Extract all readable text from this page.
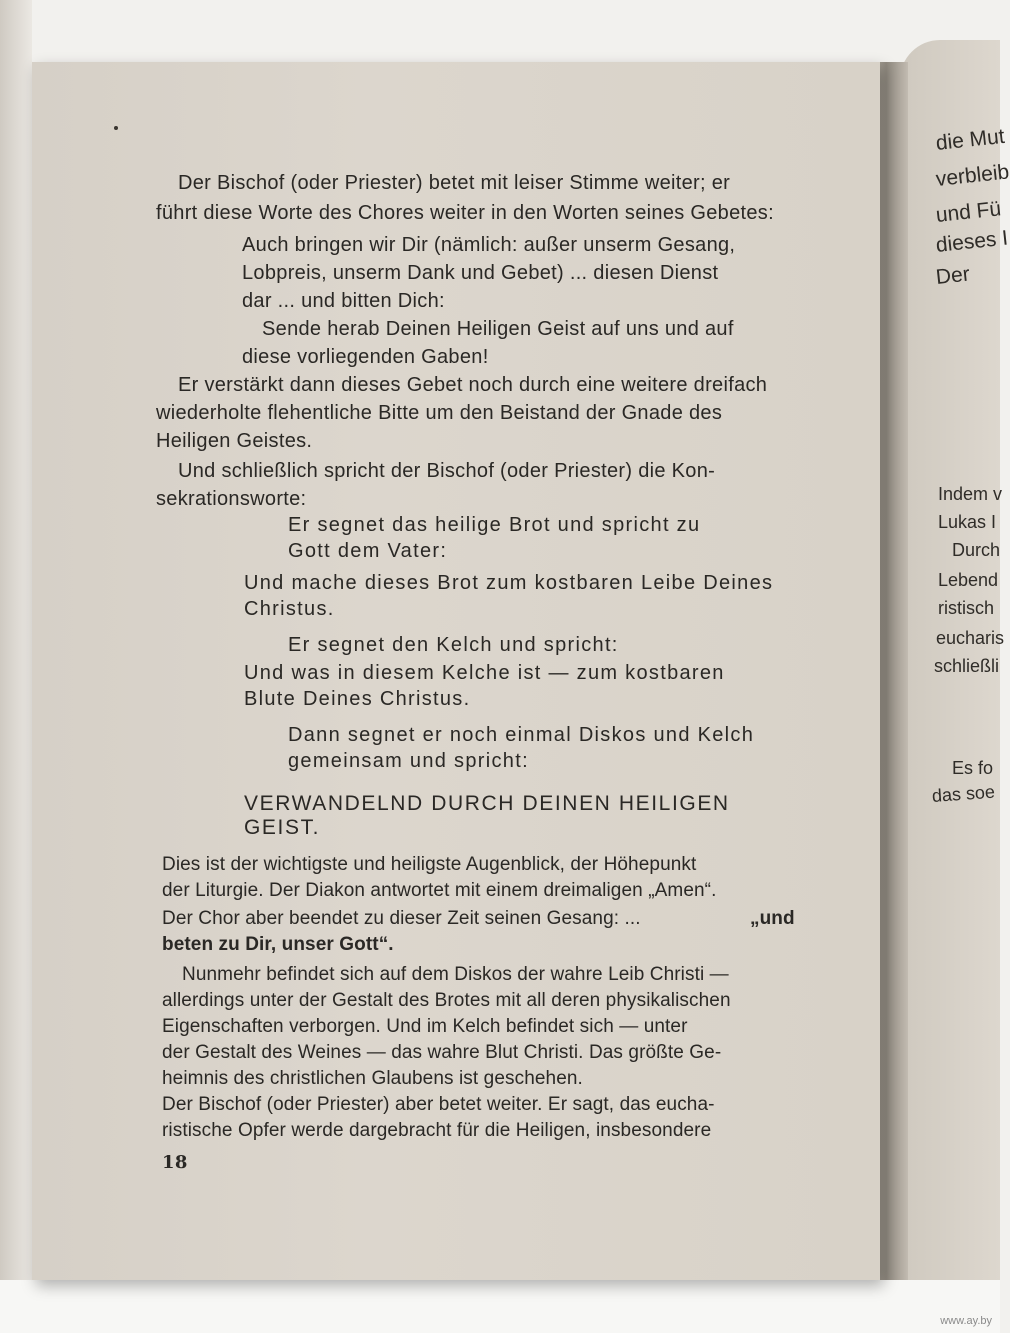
die Mut
verbleib
und Fü
dieses I
Der
Indem v
Lukas I
Durch
Lebend
ristisch
eucharis
schließli
Es fo
das soe
Der Bischof (oder Priester) betet mit leiser Stimme weiter; er
führt diese Worte des Chores weiter in den Worten seines Gebetes:
Auch bringen wir Dir (nämlich: außer unserm Gesang,
Lobpreis, unserm Dank und Gebet) ... diesen Dienst
dar ... und bitten Dich:
Sende herab Deinen Heiligen Geist auf uns und auf
diese vorliegenden Gaben!
Er verstärkt dann dieses Gebet noch durch eine weitere dreifach
wiederholte flehentliche Bitte um den Beistand der Gnade des
Heiligen Geistes.
Und schließlich spricht der Bischof (oder Priester) die Kon-
sekrationsworte:
Er segnet das heilige Brot und spricht zu
Gott dem Vater:
Und mache dieses Brot zum kostbaren Leibe Deines
Christus.
Er segnet den Kelch und spricht:
Und was in diesem Kelche ist — zum kostbaren
Blute Deines Christus.
Dann segnet er noch einmal Diskos und Kelch
gemeinsam und spricht:
VERWANDELND DURCH DEINEN HEILIGEN
GEIST.
Dies ist der wichtigste und heiligste Augenblick, der Höhepunkt
der Liturgie. Der Diakon antwortet mit einem dreimaligen „Amen“.
Der Chor aber beendet zu dieser Zeit seinen Gesang: ...	„und
beten zu Dir, unser Gott“.
Nunmehr befindet sich auf dem Diskos der wahre Leib Christi —
allerdings unter der Gestalt des Brotes mit all deren physikalischen
Eigenschaften verborgen. Und im Kelch befindet sich — unter
der Gestalt des Weines — das wahre Blut Christi. Das größte Ge-
heimnis des christlichen Glaubens ist geschehen.
Der Bischof (oder Priester) aber betet weiter. Er sagt, das eucha-
ristische Opfer werde dargebracht für die Heiligen, insbesondere
18
www.ay.by
